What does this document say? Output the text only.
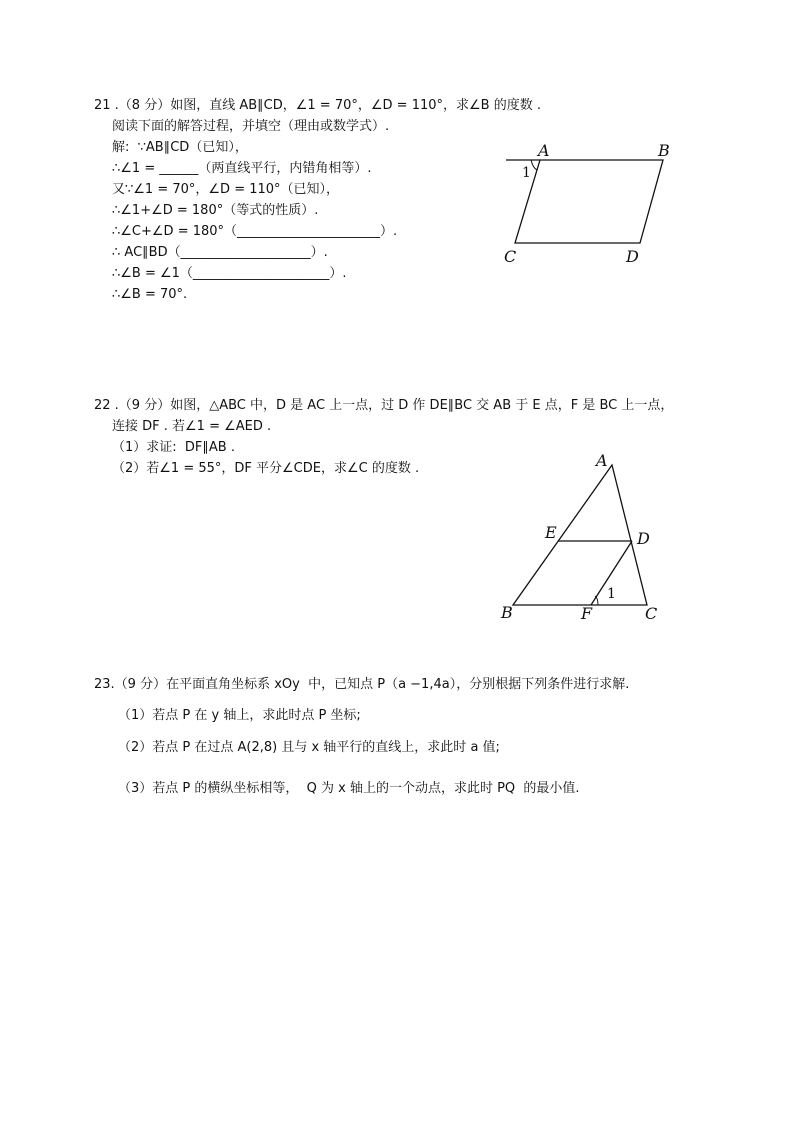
21 .（8 分）如图，直线 AB∥CD，∠1 = 70°，∠D = 110°，求∠B 的度数 .
阅读下面的解答过程，并填空（理由或数学式）.
解:  ∵AB∥CD（已知），
∴∠1 = ______（两直线平行，内错角相等）.
又∵∠1 = 70°，∠D = 110°（已知），
∴∠1+∠D = 180°（等式的性质）.
∴∠C+∠D = 180°（______________________）.
∴ AC∥BD（____________________）.
∴∠B = ∠1（_____________________）.
∴∠B = 70°.
A	B
C	D
1
22 .（9 分）如图，△ABC 中，D 是 AC 上一点，过 D 作 DE∥BC 交 AB 于 E 点，F 是 BC 上一点，
连接 DF . 若∠1 = ∠AED .
（1）求证:  DF∥AB .
（2）若∠1 = 55°，DF 平分∠CDE，求∠C 的度数 .	A
E	D
B	F	C
1
23.（9 分）在平面直角坐标系 xOy  中，已知点 P（a −1,4a），分别根据下列条件进行求解.
（1）若点 P 在 y 轴上，求此时点 P 坐标;
（2）若点 P 在过点 A(2,8) 且与 x 轴平行的直线上，求此时 a 值;
（3）若点 P 的横纵坐标相等，  Q 为 x 轴上的一个动点，求此时 PQ  的最小值.
